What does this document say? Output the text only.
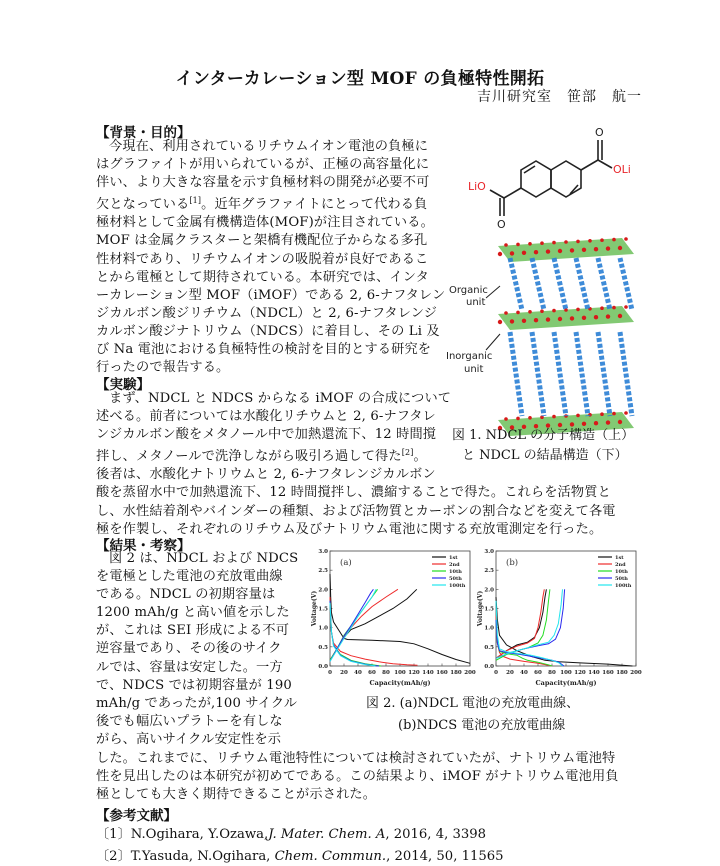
インターカレーション型 MOF の負極特性開拓
吉川研究室　笹部　航一
【背景・目的】
今現在、利用されているリチウムイオン電池の負極に
はグラファイトが用いられているが、正極の高容量化に
伴い、より大きな容量を示す負極材料の開発が必要不可
欠となっている[1]。近年グラファイトにとって代わる負
極材料として金属有機構造体(MOF)が注目されている。
MOF は金属クラスターと架橋有機配位子からなる多孔
性材料であり、リチウムイオンの吸脱着が良好であるこ
とから電極として期待されている。本研究では、インタ
ーカレーション型 MOF（iMOF）である 2, 6-ナフタレン
ジカルボン酸ジリチウム（NDCL）と 2, 6-ナフタレンジ
カルボン酸ジナトリウム（NDCS）に着目し、その Li 及
び Na 電池における負極特性の検討を目的とする研究を
行ったので報告する。
【実験】
まず、NDCL と NDCS からなる iMOF の合成について
述べる。前者については水酸化リチウムと 2, 6-ナフタレ
ンジカルボン酸をメタノール中で加熱還流下、12 時間撹
拌し、メタノールで洗浄しながら吸引ろ過して得た[2]。
後者は、水酸化ナトリウムと 2, 6-ナフタレンジカルボン
酸を蒸留水中で加熱還流下、12 時間撹拌し、濃縮することで得た。これらを活物質と
し、水性結着剤やバインダーの種類、および活物質とカーボンの割合などを変えて各電
極を作製し、それぞれのリチウム及びナトリウム電池に関する充放電測定を行った。
O
OLi
LiO
O
Organic
unit
Inorganic
unit
図 1. NDCL の分子構造（上）
と NDCL の結晶構造（下）
【結果・考察】
図 2 は、NDCL および NDCS
を電極とした電池の充放電曲線
である。NDCL の初期容量は
1200 mAh/g と高い値を示した
が、これは SEI 形成による不可
逆容量であり、その後のサイク
ルでは、容量は安定した。一方
で、NDCS では初期容量が 190
mAh/g であったが,100 サイクル
後でも幅広いプラトーを有しな
がら、高いサイクル安定性を示
した。これまでに、リチウム電池特性については検討されていたが、ナトリウム電池特
性を見出したのは本研究が初めてである。この結果より、iMOF がナトリウム電池用負
極としても大きく期待できることが示された。
0.0
0.5
1.0
1.5
2.0
2.5
3.0
0 20 40 60 80 100 120 140 160 180 200
Capacity(mAh/g)
Voltage(V)
(a)	1st
2nd
10th
50th
100th
0.0
0.5
1.0
1.5
2.0
2.5
3.0
0 20 40 60 80 100 120 140 160 180 200
Capacity(mAh/g)
Voltage(V)
(b)	1st
2nd
10th
50th
100th
図 2. (a)NDCL 電池の充放電曲線、
(b)NDCS 電池の充放電曲線
【参考文献】
〔1〕N.Ogihara, Y.Ozawa,J. Mater. Chem. A, 2016, 4, 3398
〔2〕T.Yasuda, N.Ogihara, Chem. Commun., 2014, 50, 11565
